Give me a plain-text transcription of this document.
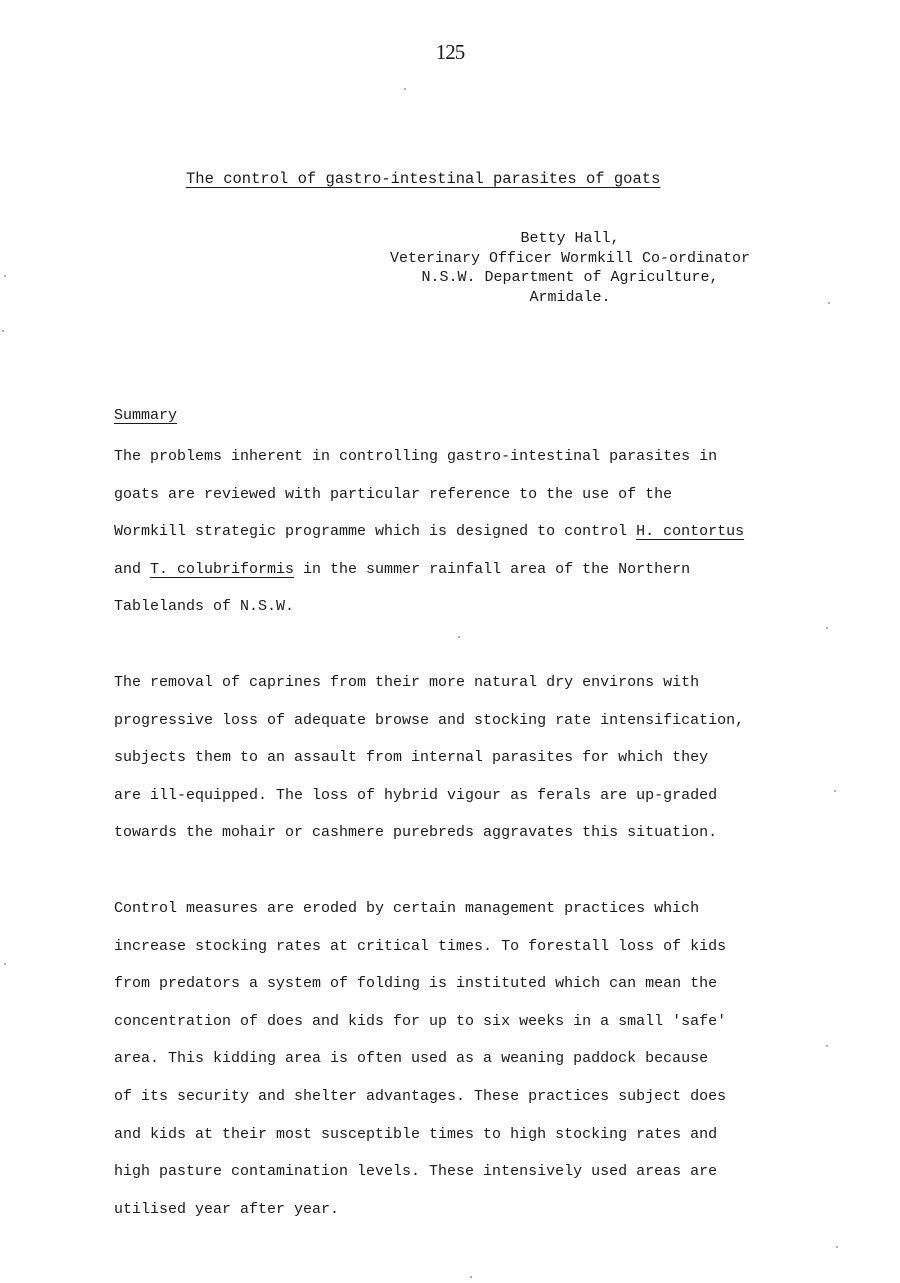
125
The control of gastro-intestinal parasites of goats
Betty Hall,
Veterinary Officer Wormkill Co-ordinator
N.S.W. Department of Agriculture,
Armidale.
Summary
The problems inherent in controlling gastro-intestinal parasites in
goats are reviewed with particular reference to the use of the
Wormkill strategic programme which is designed to control H. contortus
and T. colubriformis in the summer rainfall area of the Northern
Tablelands of N.S.W.
The removal of caprines from their more natural dry environs with
progressive loss of adequate browse and stocking rate intensification,
subjects them to an assault from internal parasites for which they
are ill-equipped. The loss of hybrid vigour as ferals are up-graded
towards the mohair or cashmere purebreds aggravates this situation.
Control measures are eroded by certain management practices which
increase stocking rates at critical times. To forestall loss of kids
from predators a system of folding is instituted which can mean the
concentration of does and kids for up to six weeks in a small 'safe'
area. This kidding area is often used as a weaning paddock because
of its security and shelter advantages. These practices subject does
and kids at their most susceptible times to high stocking rates and
high pasture contamination levels. These intensively used areas are
utilised year after year.
